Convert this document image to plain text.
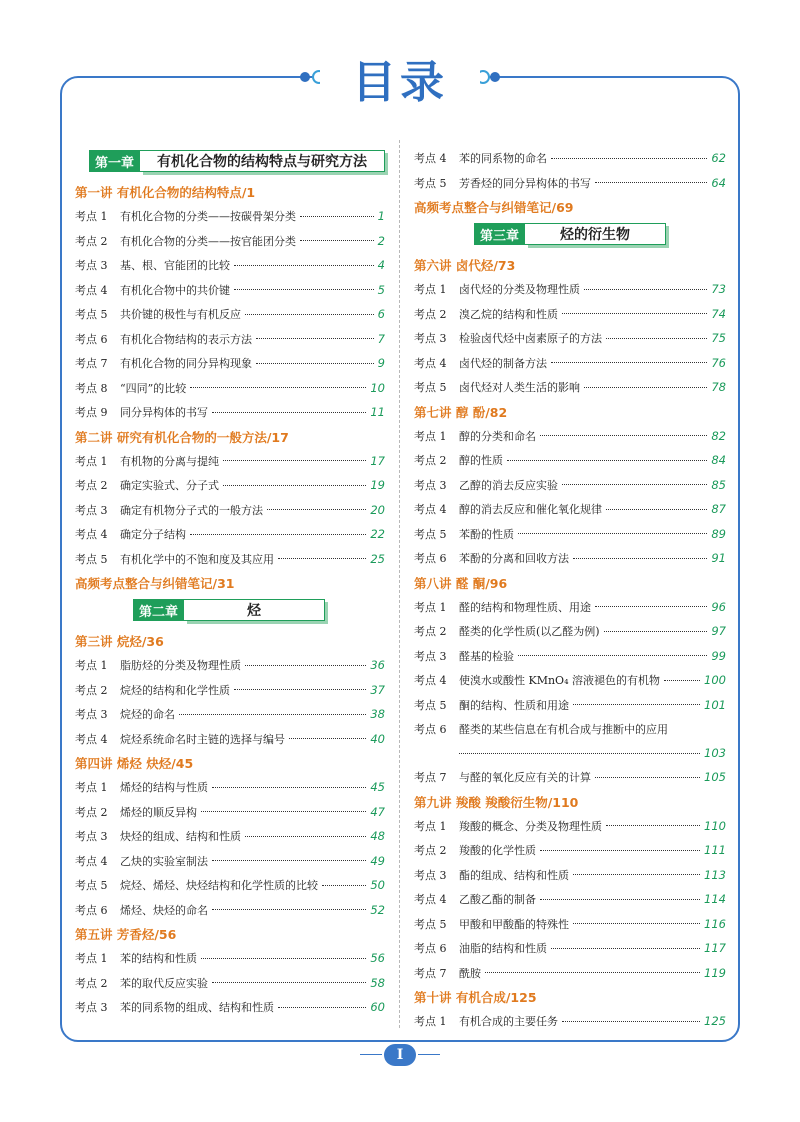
目录
第一章	有机化合物的结构特点与研究方法
第一讲 有机化合物的结构特点/1
考点 1	有机化合物的分类——按碳骨架分类	1
考点 2	有机化合物的分类——按官能团分类	2
考点 3	基、根、官能团的比较	4
考点 4	有机化合物中的共价键	5
考点 5	共价键的极性与有机反应	6
考点 6	有机化合物结构的表示方法	7
考点 7	有机化合物的同分异构现象	9
考点 8	“四同”的比较	10
考点 9	同分异构体的书写	11
第二讲 研究有机化合物的一般方法/17
考点 1	有机物的分离与提纯	17
考点 2	确定实验式、分子式	19
考点 3	确定有机物分子式的一般方法	20
考点 4	确定分子结构	22
考点 5	有机化学中的不饱和度及其应用	25
高频考点整合与纠错笔记/31
第二章	烃
第三讲 烷烃/36
考点 1	脂肪烃的分类及物理性质	36
考点 2	烷烃的结构和化学性质	37
考点 3	烷烃的命名	38
考点 4	烷烃系统命名时主链的选择与编号	40
第四讲 烯烃 炔烃/45
考点 1	烯烃的结构与性质	45
考点 2	烯烃的顺反异构	47
考点 3	炔烃的组成、结构和性质	48
考点 4	乙炔的实验室制法	49
考点 5	烷烃、烯烃、炔烃结构和化学性质的比较	50
考点 6	烯烃、炔烃的命名	52
第五讲 芳香烃/56
考点 1	苯的结构和性质	56
考点 2	苯的取代反应实验	58
考点 3	苯的同系物的组成、结构和性质	60
考点 4	苯的同系物的命名	62
考点 5	芳香烃的同分异构体的书写	64
高频考点整合与纠错笔记/69
第三章	烃的衍生物
第六讲 卤代烃/73
考点 1	卤代烃的分类及物理性质	73
考点 2	溴乙烷的结构和性质	74
考点 3	检验卤代烃中卤素原子的方法	75
考点 4	卤代烃的制备方法	76
考点 5	卤代烃对人类生活的影响	78
第七讲 醇 酚/82
考点 1	醇的分类和命名	82
考点 2	醇的性质	84
考点 3	乙醇的消去反应实验	85
考点 4	醇的消去反应和催化氧化规律	87
考点 5	苯酚的性质	89
考点 6	苯酚的分离和回收方法	91
第八讲 醛 酮/96
考点 1	醛的结构和物理性质、用途	96
考点 2	醛类的化学性质(以乙醛为例)	97
考点 3	醛基的检验	99
考点 4	使溴水或酸性 KMnO₄ 溶液褪色的有机物	100
考点 5	酮的结构、性质和用途	101
考点 6	醛类的某些信息在有机合成与推断中的应用
103
考点 7	与醛的氧化反应有关的计算	105
第九讲 羧酸 羧酸衍生物/110
考点 1	羧酸的概念、分类及物理性质	110
考点 2	羧酸的化学性质	111
考点 3	酯的组成、结构和性质	113
考点 4	乙酸乙酯的制备	114
考点 5	甲酸和甲酸酯的特殊性	116
考点 6	油脂的结构和性质	117
考点 7	酰胺	119
第十讲 有机合成/125
考点 1	有机合成的主要任务	125
I
